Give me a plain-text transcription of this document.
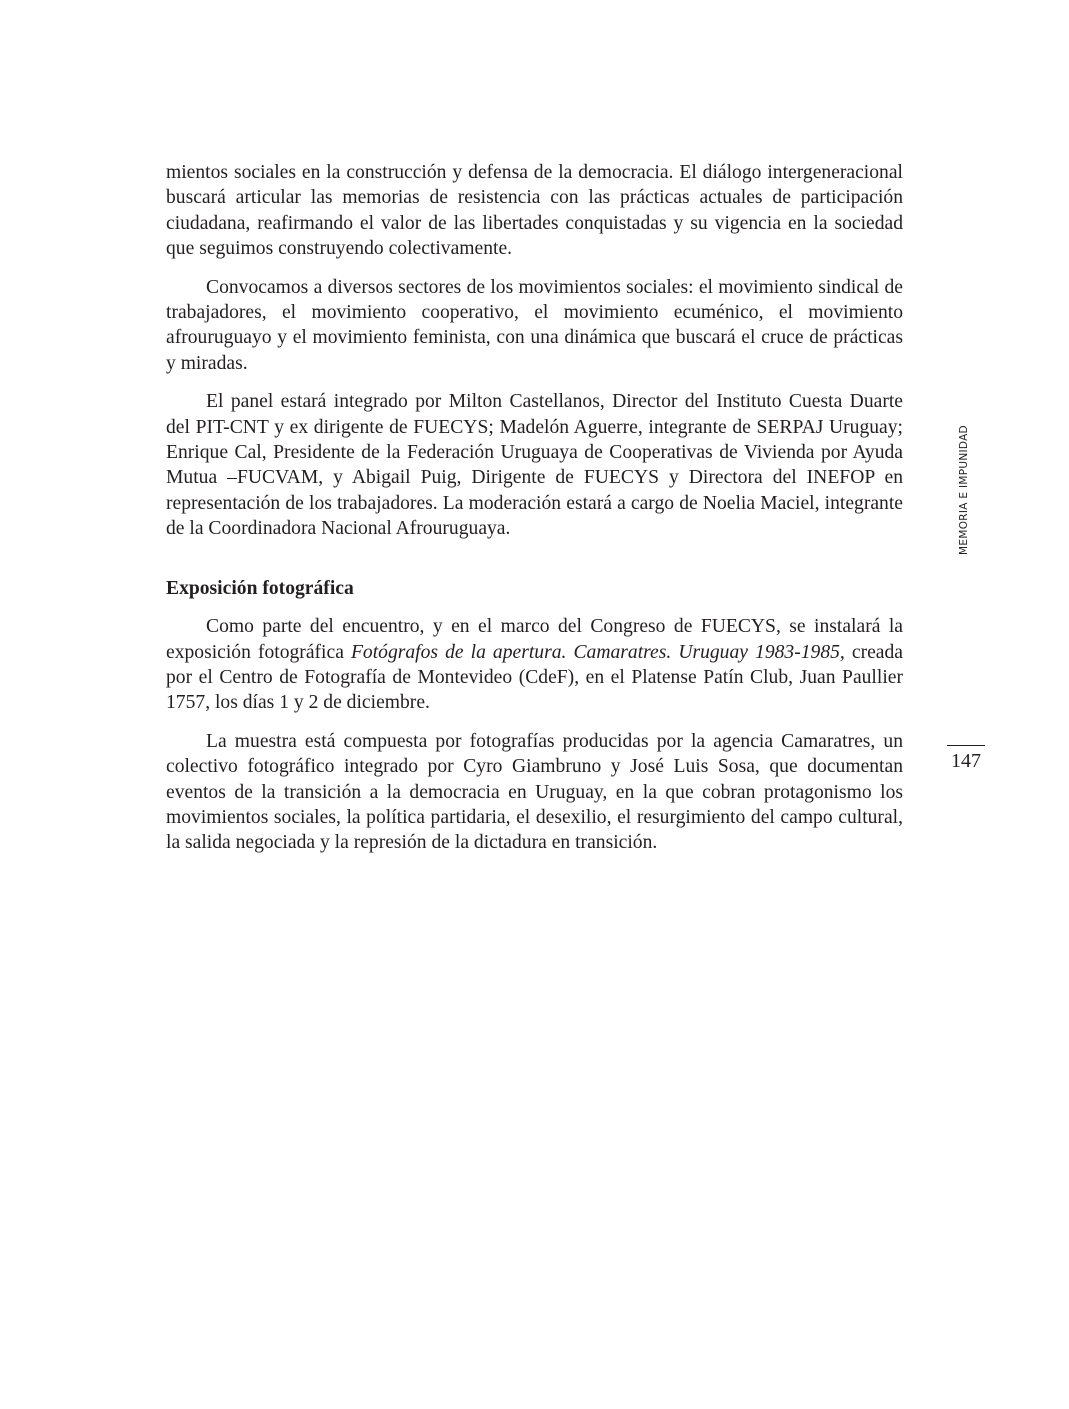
mientos sociales en la construcción y defensa de la democracia. El diálogo intergeneracional buscará articular las memorias de resistencia con las prácticas actuales de participación ciudadana, reafirmando el valor de las libertades conquistadas y su vigencia en la sociedad que seguimos construyendo colectivamente.

Convocamos a diversos sectores de los movimientos sociales: el movimiento sindical de trabajadores, el movimiento cooperativo, el movimiento ecuménico, el movimiento afrouruguayo y el movimiento feminista, con una dinámica que buscará el cruce de prácticas y miradas.

El panel estará integrado por Milton Castellanos, Director del Instituto Cuesta Duarte del PIT-CNT y ex dirigente de FUECYS; Madelón Aguerre, integrante de SERPAJ Uruguay; Enrique Cal, Presidente de la Federación Uruguaya de Cooperativas de Vivienda por Ayuda Mutua –FUCVAM, y Abigail Puig, Dirigente de FUECYS y Directora del INEFOP en representación de los trabajadores. La moderación estará a cargo de Noelia Maciel, integrante de la Coordinadora Nacional Afrouruguaya.

Exposición fotográfica

Como parte del encuentro, y en el marco del Congreso de FUECYS, se instalará la exposición fotográfica Fotógrafos de la apertura. Camaratres. Uruguay 1983-1985, creada por el Centro de Fotografía de Montevideo (CdeF), en el Platense Patín Club, Juan Paullier 1757, los días 1 y 2 de diciembre.

La muestra está compuesta por fotografías producidas por la agencia Camaratres, un colectivo fotográfico integrado por Cyro Giambruno y José Luis Sosa, que documentan eventos de la transición a la democracia en Uruguay, en la que cobran protagonismo los movimientos sociales, la política partidaria, el desexilio, el resurgimiento del campo cultural, la salida negociada y la represión de la dictadura en transición.

MEMORIA E IMPUNIDAD
147
